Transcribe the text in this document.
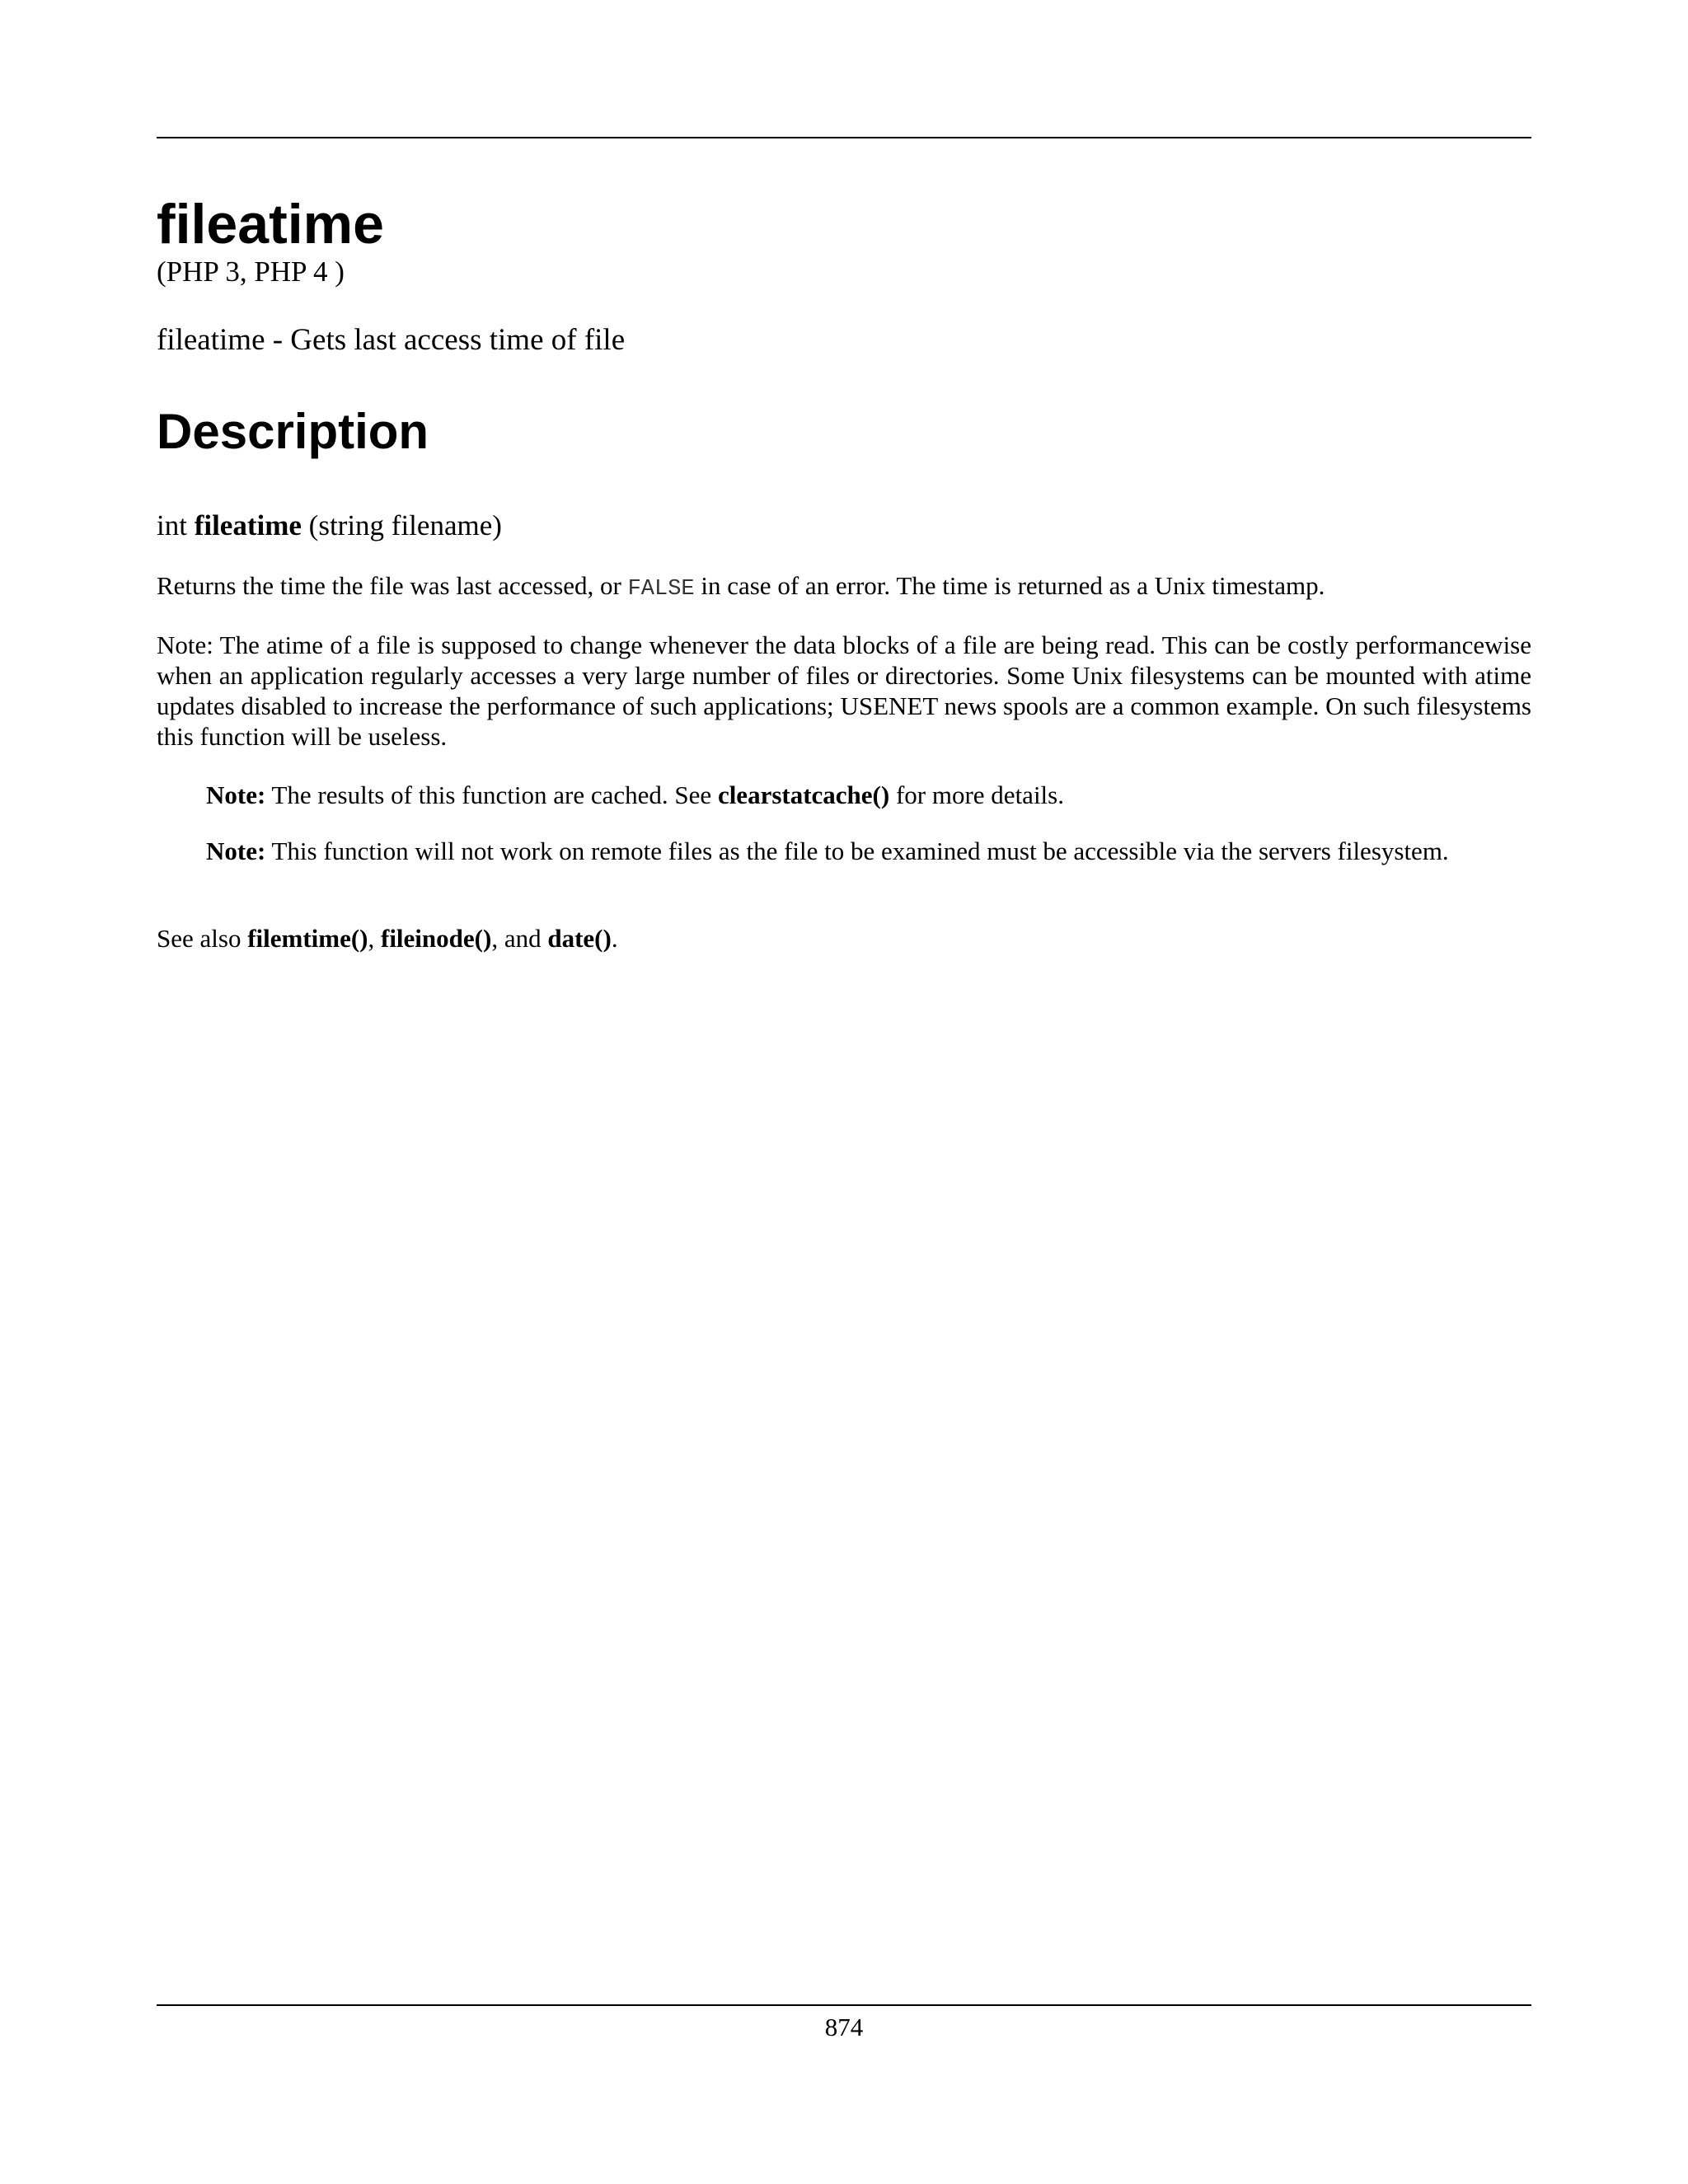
fileatime
(PHP 3, PHP 4 )
fileatime - Gets last access time of file
Description
int fileatime (string filename)
Returns the time the file was last accessed, or FALSE in case of an error. The time is returned as a Unix timestamp.
Note: The atime of a file is supposed to change whenever the data blocks of a file are being read. This can be costly performancewise when an application regularly accesses a very large number of files or directories. Some Unix filesystems can be mounted with atime updates disabled to increase the performance of such applications; USENET news spools are a common example. On such filesystems this function will be useless.
Note: The results of this function are cached. See clearstatcache() for more details.
Note: This function will not work on remote files as the file to be examined must be accessible via the servers filesystem.
See also filemtime(), fileinode(), and date().
874
